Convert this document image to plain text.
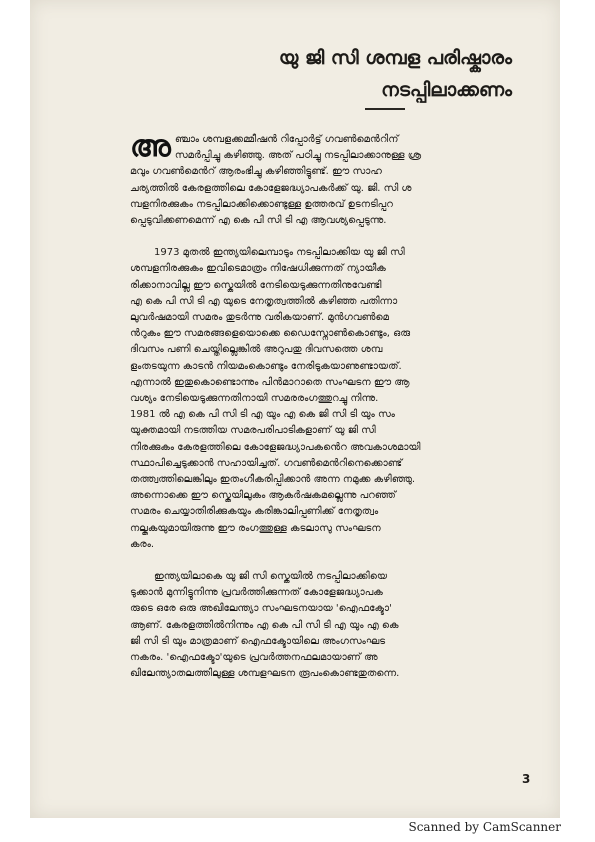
യു ജി സി ശമ്പള പരിഷ്കാരം
നടപ്പിലാക്കണം
അ ഞ്ചാം ശമ്പളക്കമ്മീഷൻ റിപ്പോർട്ട് ഗവൺമെൻറിന്
സമർപ്പിച്ചു കഴിഞ്ഞു. അത് പഠിച്ചു നടപ്പിലാക്കാനുള്ള ശ്ര
മവും ഗവൺമെൻറ് ആരംഭിച്ചു കഴിഞ്ഞിട്ടുണ്ട്. ഈ സാഹ
ചര്യത്തിൽ കേരളത്തിലെ കോളേജദ്ധ്യാപകർക്ക് യു. ജി. സി ശ
മ്പളനിരക്കുകം നടപ്പിലാക്കിക്കൊണ്ടുള്ള ഉത്തരവ് ഉടനടിപ്പറ
പ്പെടുവിക്കണമെന്ന് എ കെ പി സി ടി എ ആവശ്യപ്പെടുന്നു.
1973 മുതൽ ഇന്ത്യയിലെമ്പാടും നടപ്പിലാക്കിയ യു ജി സി
ശമ്പളനിരക്കുകം ഇവിടെമാത്രം നിഷേധിക്കുന്നത് ന്യായീക
രിക്കാനാവില്ല ഈ സ്കെയിൽ നേടിയെടുക്കുന്നതിനുവേണ്ടി
എ കെ പി സി ടി എ യുടെ നേതൃത്വത്തിൽ കഴിഞ്ഞ പതിന്നാ
ലുവർഷമായി സമരം തുടർന്നു വരികയാണ്. മുൻഗവൺമെ
ൻറുകം ഈ സമരങ്ങളെയൊക്കെ ഡൈസ്നോൺകൊണ്ടും, ഒരു
ദിവസം പണി ചെയ്തില്ലെങ്കിൽ അറുപതു ദിവസത്തെ ശമ്പ
ളംതടയുന്ന കാടൻ നിയമംകൊണ്ടും നേരിടുകയാണുണ്ടായത്.
എന്നാൽ ഇതുകൊണ്ടൊന്നും പിൻമാറാതെ സംഘടന ഈ ആ
വശ്യം നേടിയെടുക്കുന്നതിനായി സമരരംഗത്തുറച്ചു നിന്നു.
1981 ൽ എ കെ പി സി ടി എ യും എ കെ ജി സി ടി യും സം
യുക്തമായി നടത്തിയ സമരപരിപാടികളാണ് യു ജി സി
നിരക്കുകം കേരളത്തിലെ കോളേജദ്ധ്യാപകൻെറ അവകാശമായി
സ്ഥാപിച്ചെടുക്കാൻ സഹായിച്ചത്. ഗവൺമെൻറിനെക്കൊണ്ട്
തത്ത്വത്തിലെങ്കിലും ഇതംഗീകരിപ്പിക്കാൻ അന്ന നമുക്ക കഴിഞ്ഞു.
അന്നൊക്കെ ഈ സ്കെയിലുകം ആകർഷകമല്ലെന്നു പറഞ്ഞ്
സമരം ചെയ്യാതിരിക്കുകയും കരിങ്കാലിപ്പണിക്ക് നേതൃത്വം
നല്കുകയുമായിരുന്നു ഈ രംഗത്തുള്ള കടലാസു സംഘടന
കരം.
ഇന്ത്യയിലാകെ യു ജി സി സ്കെയിൽ നടപ്പിലാക്കിയെ
ടുക്കാൻ മുന്നിട്ടുനിന്നു പ്രവർത്തിക്കുന്നത് കോളേജദ്ധ്യാപക
രുടെ ഒരേ ഒരു അഖിലേന്ത്യാ സംഘടനയായ 'ഐഫക്ടോ'
ആണ്. കേരളത്തിൽനിന്നും എ കെ പി സി ടി എ യും എ കെ
ജി സി ടി യും മാത്രമാണ് ഐഫക്ടോയിലെ അംഗസംഘട
നകരം. 'ഐഫക്ടോ'യുടെ പ്രവർത്തനഫലമായാണ് അ
ഖിലേന്ത്യാതലത്തിലുള്ള ശമ്പളഘടന രൂപംകൊണ്ടതുതന്നെ.
3
Scanned by CamScanner
